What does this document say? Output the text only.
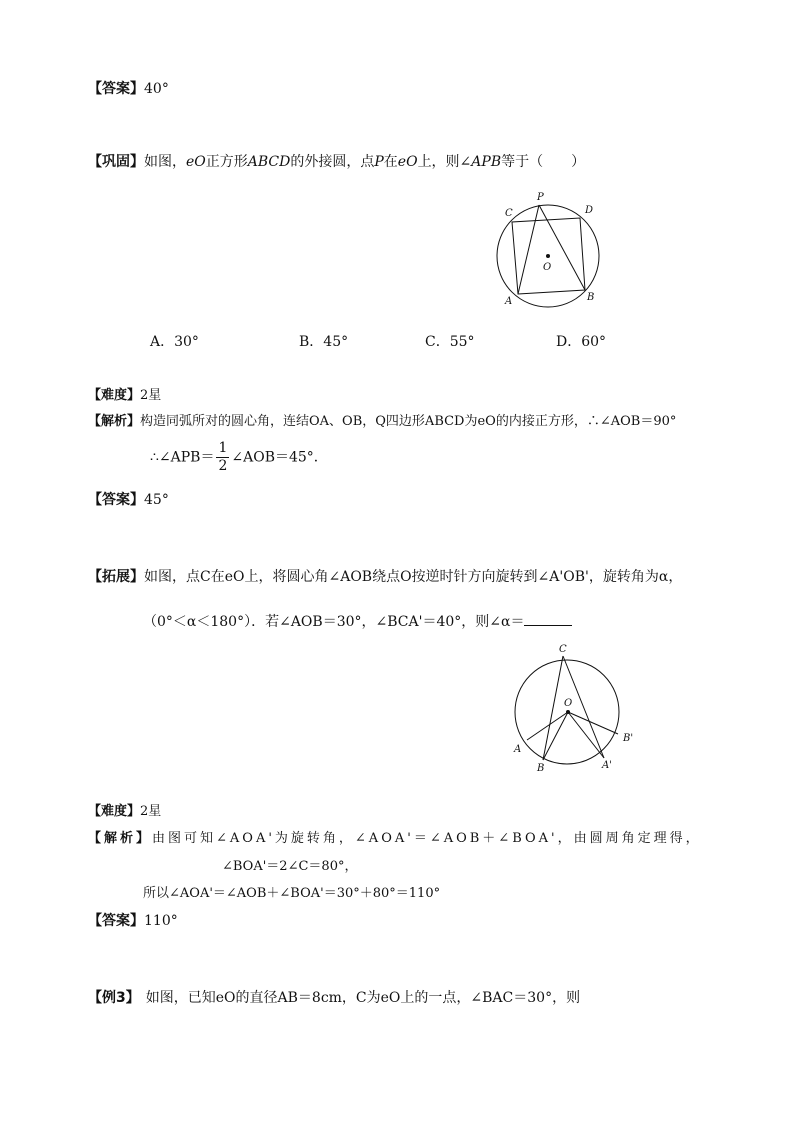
【答案】40°
【巩固】如图，eO正方形ABCD的外接圆，点P在eO上，则∠APB等于（　　）
P
C	D
O
A	B
A．30°	B．45°	C．55°	D．60°
【难度】2星
【解析】构造同弧所对的圆心角，连结OA、OB，Q四边形ABCD为eO的内接正方形，∴∠AOB＝90°
∴∠APB＝ $\frac{1}{2}$ ∠AOB＝45°．
【答案】45°
【拓展】如图，点C在eO上，将圆心角∠AOB绕点O按逆时针方向旋转到∠A'OB'，旋转角为α，
（0°＜α＜180°）．若∠AOB＝30°，∠BCA'＝40°，则∠α＝
C
O
A
B
B'
A'
【难度】2星
【解析】由图可知∠AOA'为旋转角，∠AOA'＝∠AOB＋∠BOA'，由圆周角定理得，
∠BOA'＝2∠C＝80°，
所以∠AOA'＝∠AOB＋∠BOA'＝30°＋80°＝110°
【答案】110°
【例3】 如图，已知eO的直径AB＝8cm，C为eO上的一点，∠BAC＝30°，则
